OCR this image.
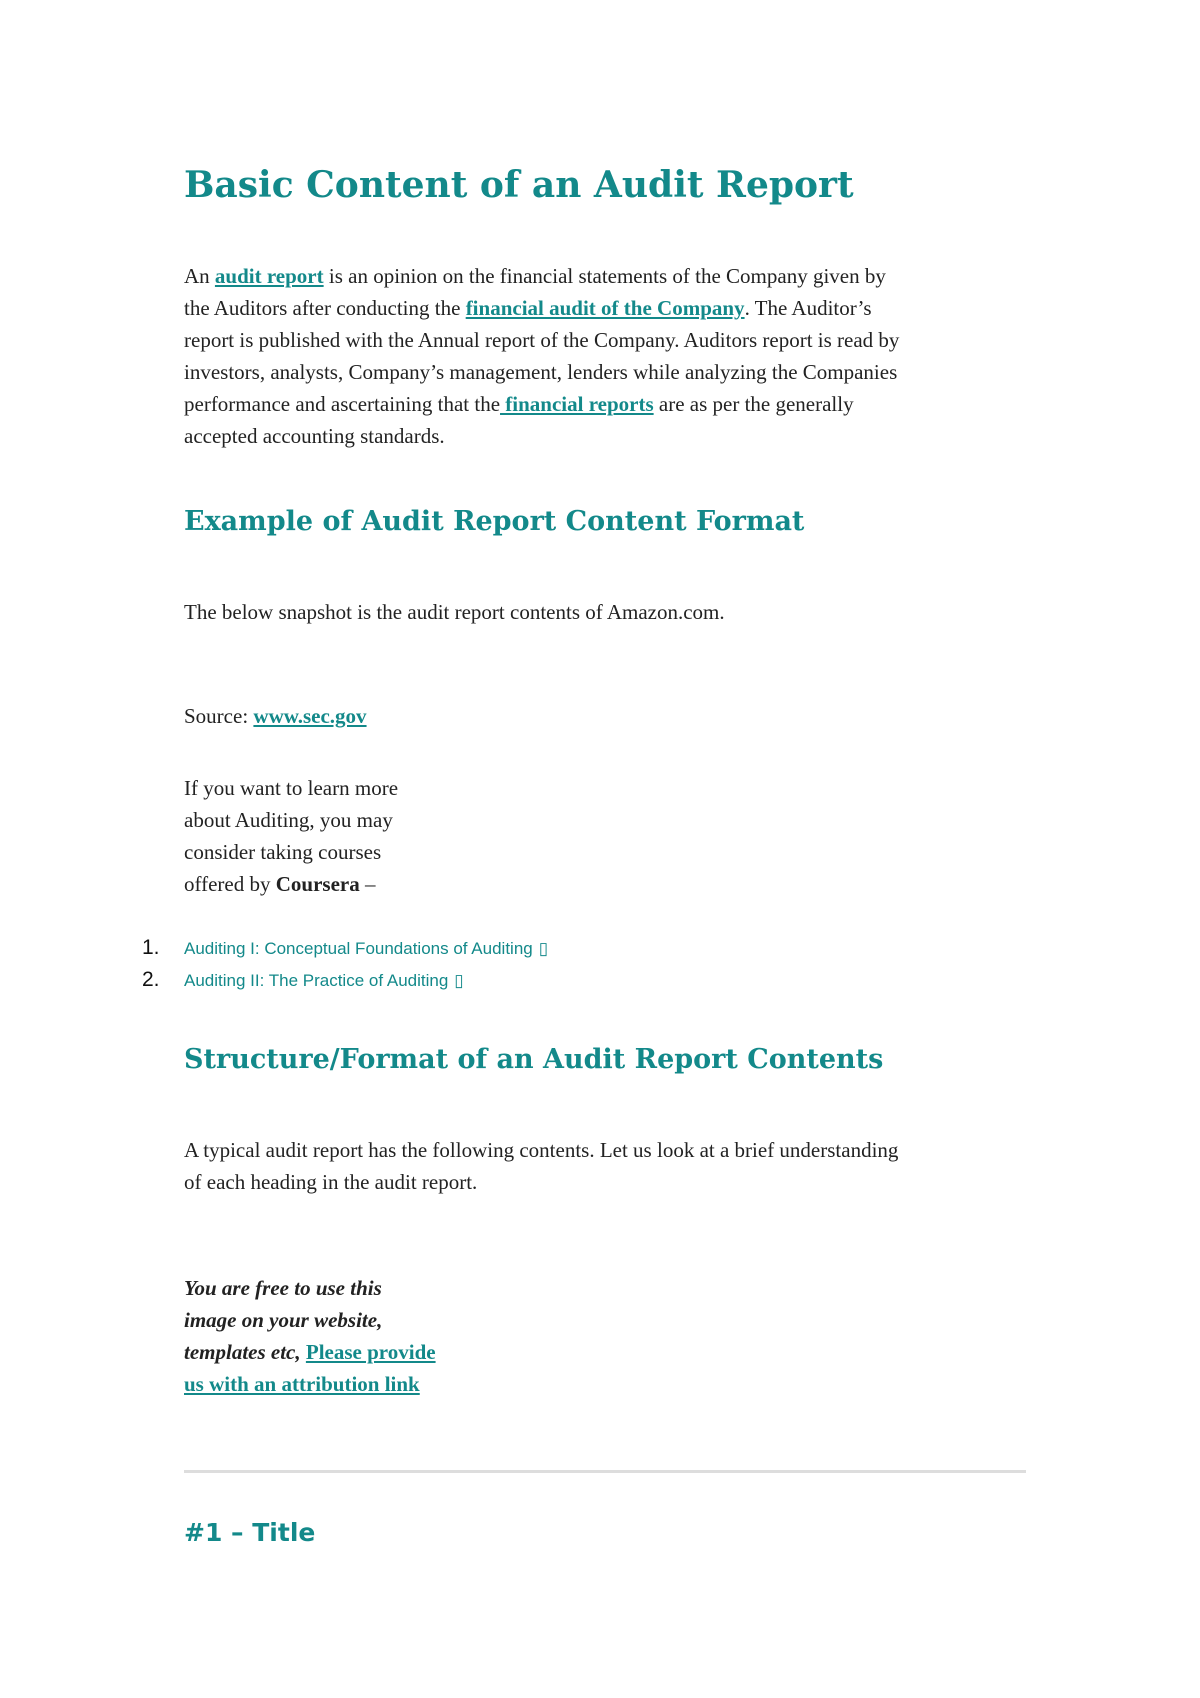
Basic Content of an Audit Report

An audit report is an opinion on the financial statements of the Company given by
the Auditors after conducting the financial audit of the Company. The Auditor’s
report is published with the Annual report of the Company. Auditors report is read by
investors, analysts, Company’s management, lenders while analyzing the Companies
performance and ascertaining that the financial reports are as per the generally
accepted accounting standards.

Example of Audit Report Content Format

The below snapshot is the audit report contents of Amazon.com.

Source: www.sec.gov

If you want to learn more
about Auditing, you may
consider taking courses
offered by Coursera –

1.	Auditing I: Conceptual Foundations of Auditing ▯
2.	Auditing II: The Practice of Auditing ▯
Structure/Format of an Audit Report Contents

A typical audit report has the following contents. Let us look at a brief understanding
of each heading in the audit report.

You are free to use this
image on your website,
templates etc, Please provide
us with an attribution link

#1 – Title
